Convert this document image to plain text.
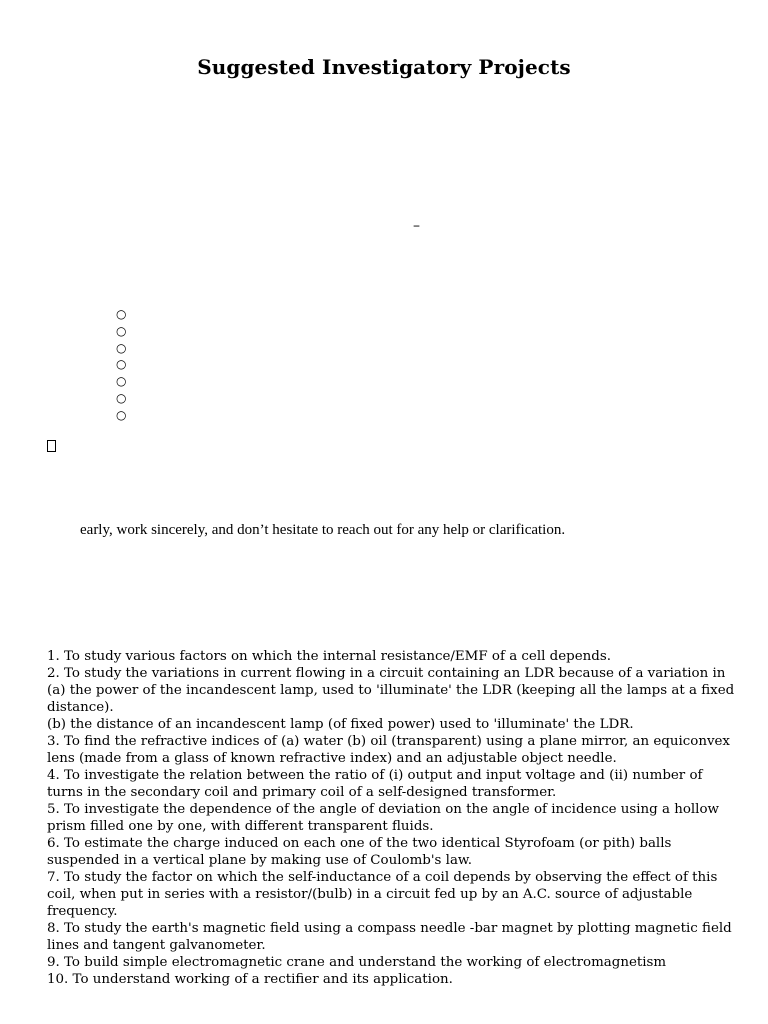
Suggested Investigatory Projects
–
○
○
○
○
○
○
○
early, work sincerely, and don’t hesitate to reach out for any help or clarification.
1. To study various factors on which the internal resistance/EMF of a cell depends.
2. To study the variations in current flowing in a circuit containing an LDR because of a variation in
(a) the power of the incandescent lamp, used to 'illuminate' the LDR (keeping all the lamps at a fixed distance).
(b) the distance of an incandescent lamp (of fixed power) used to 'illuminate' the LDR.
3. To find the refractive indices of (a) water (b) oil (transparent) using a plane mirror, an equiconvex lens (made from a glass of known refractive index) and an adjustable object needle.
4. To investigate the relation between the ratio of (i) output and input voltage and (ii) number of turns in the secondary coil and primary coil of a self-designed transformer.
5. To investigate the dependence of the angle of deviation on the angle of incidence using a hollow prism filled one by one, with different transparent fluids.
6. To estimate the charge induced on each one of the two identical Styrofoam (or pith) balls suspended in a vertical plane by making use of Coulomb's law.
7. To study the factor on which the self-inductance of a coil depends by observing the effect of this coil, when put in series with a resistor/(bulb) in a circuit fed up by an A.C. source of adjustable frequency.
8. To study the earth's magnetic field using a compass needle -bar magnet by plotting magnetic field lines and tangent galvanometer.
9. To build simple electromagnetic crane and understand the working of electromagnetism
10. To understand working of a rectifier and its application.
